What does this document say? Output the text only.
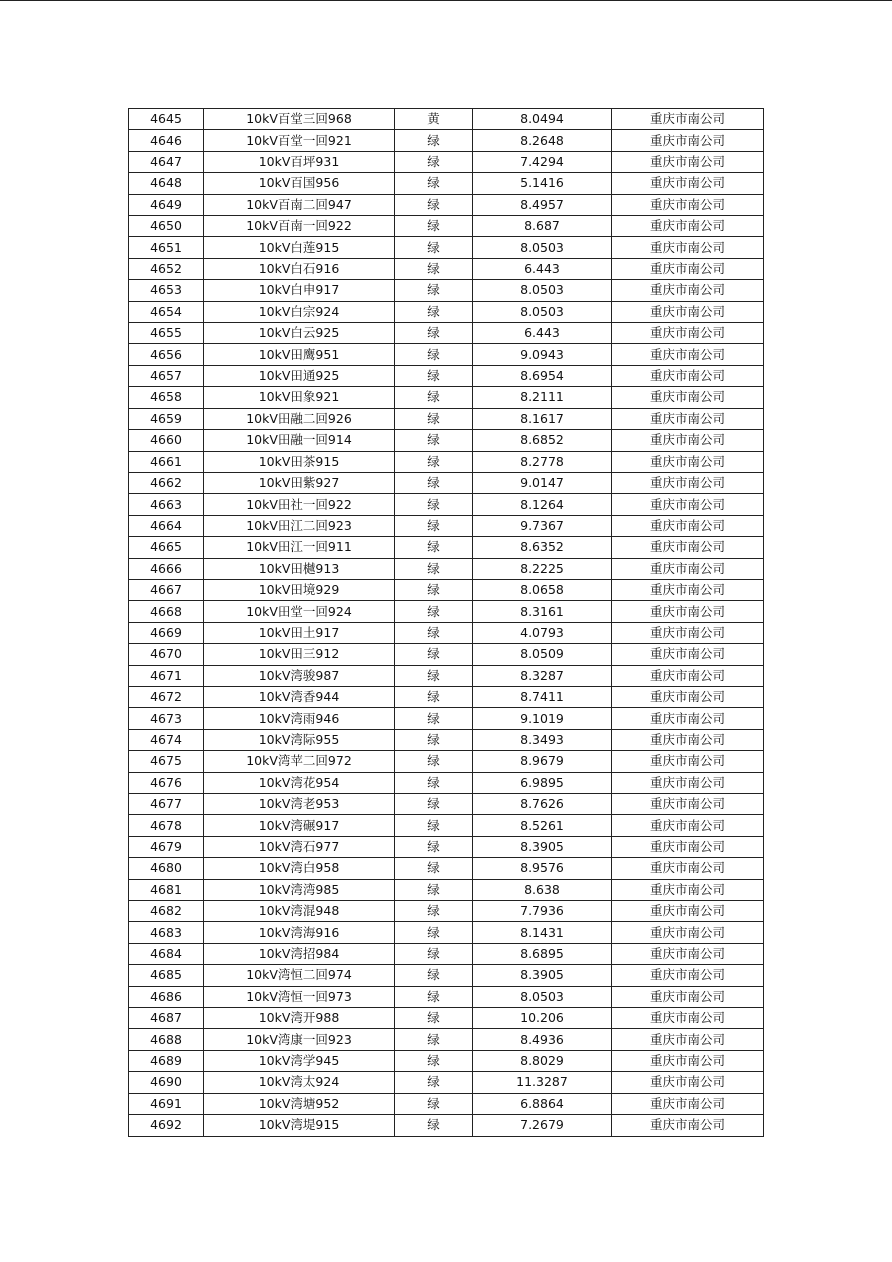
4645	10kV百堂三回968	黄	8.0494	重庆市南公司
4646	10kV百堂一回921	绿	8.2648	重庆市南公司
4647	10kV百坪931	绿	7.4294	重庆市南公司
4648	10kV百国956	绿	5.1416	重庆市南公司
4649	10kV百南二回947	绿	8.4957	重庆市南公司
4650	10kV百南一回922	绿	8.687	重庆市南公司
4651	10kV白莲915	绿	8.0503	重庆市南公司
4652	10kV白石916	绿	6.443	重庆市南公司
4653	10kV白申917	绿	8.0503	重庆市南公司
4654	10kV白宗924	绿	8.0503	重庆市南公司
4655	10kV白云925	绿	6.443	重庆市南公司
4656	10kV田鹰951	绿	9.0943	重庆市南公司
4657	10kV田通925	绿	8.6954	重庆市南公司
4658	10kV田象921	绿	8.2111	重庆市南公司
4659	10kV田融二回926	绿	8.1617	重庆市南公司
4660	10kV田融一回914	绿	8.6852	重庆市南公司
4661	10kV田茶915	绿	8.2778	重庆市南公司
4662	10kV田紫927	绿	9.0147	重庆市南公司
4663	10kV田社一回922	绿	8.1264	重庆市南公司
4664	10kV田江二回923	绿	9.7367	重庆市南公司
4665	10kV田江一回911	绿	8.6352	重庆市南公司
4666	10kV田樾913	绿	8.2225	重庆市南公司
4667	10kV田境929	绿	8.0658	重庆市南公司
4668	10kV田堂一回924	绿	8.3161	重庆市南公司
4669	10kV田土917	绿	4.0793	重庆市南公司
4670	10kV田三912	绿	8.0509	重庆市南公司
4671	10kV湾骏987	绿	8.3287	重庆市南公司
4672	10kV湾香944	绿	8.7411	重庆市南公司
4673	10kV湾雨946	绿	9.1019	重庆市南公司
4674	10kV湾际955	绿	8.3493	重庆市南公司
4675	10kV湾苹二回972	绿	8.9679	重庆市南公司
4676	10kV湾花954	绿	6.9895	重庆市南公司
4677	10kV湾老953	绿	8.7626	重庆市南公司
4678	10kV湾碾917	绿	8.5261	重庆市南公司
4679	10kV湾石977	绿	8.3905	重庆市南公司
4680	10kV湾白958	绿	8.9576	重庆市南公司
4681	10kV湾湾985	绿	8.638	重庆市南公司
4682	10kV湾混948	绿	7.7936	重庆市南公司
4683	10kV湾海916	绿	8.1431	重庆市南公司
4684	10kV湾招984	绿	8.6895	重庆市南公司
4685	10kV湾恒二回974	绿	8.3905	重庆市南公司
4686	10kV湾恒一回973	绿	8.0503	重庆市南公司
4687	10kV湾开988	绿	10.206	重庆市南公司
4688	10kV湾康一回923	绿	8.4936	重庆市南公司
4689	10kV湾学945	绿	8.8029	重庆市南公司
4690	10kV湾太924	绿	11.3287	重庆市南公司
4691	10kV湾塘952	绿	6.8864	重庆市南公司
4692	10kV湾堤915	绿	7.2679	重庆市南公司
